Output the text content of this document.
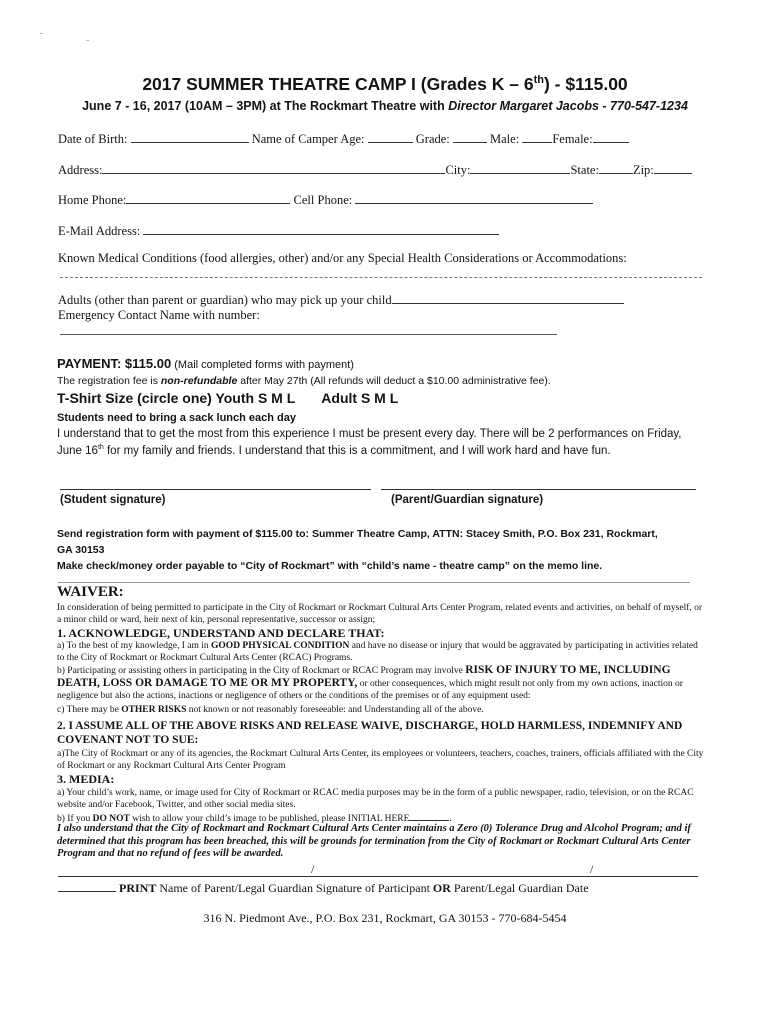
2017 SUMMER THEATRE CAMP I (Grades K – 6th) - $115.00
June 7 - 16, 2017 (10AM – 3PM) at The Rockmart Theatre with Director Margaret Jacobs - 770-547-1234
Date of Birth:	Name of Camper Age:	Grade:	Male:	Female:
Address:	City:	State:	Zip:
Home Phone:	Cell Phone:
E-Mail Address:
Known Medical Conditions (food allergies, other) and/or any Special Health Considerations or Accommodations:
Adults (other than parent or guardian) who may pick up your child
Emergency Contact Name with number:
PAYMENT: $115.00 (Mail completed forms with payment)
The registration fee is non-refundable after May 27th (All refunds will deduct a $10.00 administrative fee).
T-Shirt Size (circle one) Youth S M L Adult S M L
Students need to bring a sack lunch each day
I understand that to get the most from this experience I must be present every day. There will be 2 performances on Friday,
June 16th for my family and friends. I understand that this is a commitment, and I will work hard and have fun.
(Student signature)	(Parent/Guardian signature)
Send registration form with payment of $115.00 to: Summer Theatre Camp, ATTN: Stacey Smith, P.O. Box 231, Rockmart,
GA 30153
Make check/money order payable to “City of Rockmart” with “child’s name - theatre camp” on the memo line.
WAIVER:
In consideration of being permitted to participate in the City of Rockmart or Rockmart Cultural Arts Center Program, related events and activities, on behalf of myself, or a minor child or ward, heir next of kin, personal representative, successor or assign;
1. ACKNOWLEDGE, UNDERSTAND AND DECLARE THAT:
a) To the best of my knowledge, I am in GOOD PHYSICAL CONDITION and have no disease or injury that would be aggravated by participating in activities related to the City of Rockmart or Rockmart Cultural Arts Center (RCAC) Programs.
b) Participating or assisting others in participating in the City of Rockmart or RCAC Program may involve RISK OF INJURY TO ME, INCLUDING DEATH, LOSS OR DAMAGE TO ME OR MY PROPERTY, or other consequences, which might result not only from my own actions, inaction or negligence but also the actions, inactions or negligence of others or the conditions of the premises or of any equipment used:
c) There may be OTHER RISKS not known or not reasonably foreseeable: and Understanding all of the above.
2. I ASSUME ALL OF THE ABOVE RISKS AND RELEASE WAIVE, DISCHARGE, HOLD HARMLESS, INDEMNIFY AND COVENANT NOT TO SUE:
a)The City of Rockmart or any of its agencies, the Rockmart Cultural Arts Center, its employees or volunteers, teachers, coaches, trainers, officials affiliated with the City of Rockmart or any Rockmart Cultural Arts Center Program
3. MEDIA:
a) Your child’s work, name, or image used for City of Rockmart or RCAC media purposes may be in the form of a public newspaper, radio, television, or on the RCAC website and/or Facebook, Twitter, and other social media sites.
b) If you DO NOT wish to allow your child’s image to be published, please INITIAL HERE	.
I also understand that the City of Rockmart and Rockmart Cultural Arts Center maintains a Zero (0) Tolerance Drug and Alcohol Program; and if determined that this program has been breached, this will be grounds for termination from the City of Rockmart or Rockmart Cultural Arts Center Program and that no refund of fees will be awarded.
/	/
PRINT Name of Parent/Legal Guardian Signature of Participant OR Parent/Legal Guardian Date
316 N. Piedmont Ave., P.O. Box 231, Rockmart, GA 30153 - 770-684-5454
